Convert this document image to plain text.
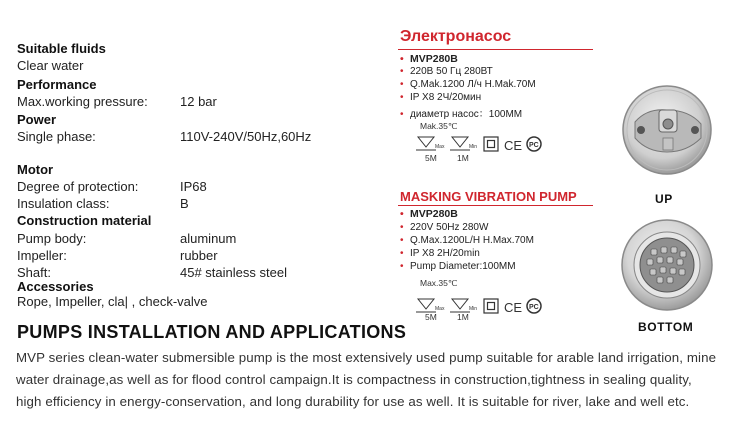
Suitable fluids
Clear water
Performance
Max.working pressure: 12 bar
Power
Single phase:	110V-240V/50Hz,60Hz
Motor
Degree of protection:	IP68
Insulation class:	B
Construction material
Pump body:	aluminum
Impeller:	rubber
Shaft:	45# stainless steel
Accessories
Rope, Impeller, cla| , check-valve
Электронасос
• MVP280B
• 220В 50 Гц 280ВТ
• Q.Mak.1200 Л/ч H.Mak.70M
• IP X8 2Ч/20мин
• диаметр насос：100MM
Mak.35℃
Max	Min CE PC
5M 1M
MASKING VIBRATION PUMP
• MVP280B
• 220V 50Hz 280W
• Q.Max.1200L/H H.Max.70M
• IP X8 2H/20min
• Pump Diameter:100MM
Max.35℃
Max	Min CE PC
5M 1M
UP
BOTTOM
PUMPS INSTALLATION AND APPLICATIONS
MVP series clean-water submersible pump is the most extensively used pump suitable for arable land irrigation, mine water drainage,as well as for flood control campaign.It is compactness in construction,tightness in sealing quality, high efficiency in energy-conservation, and long durability for use as well. It is suitable for river, lake and well etc.
